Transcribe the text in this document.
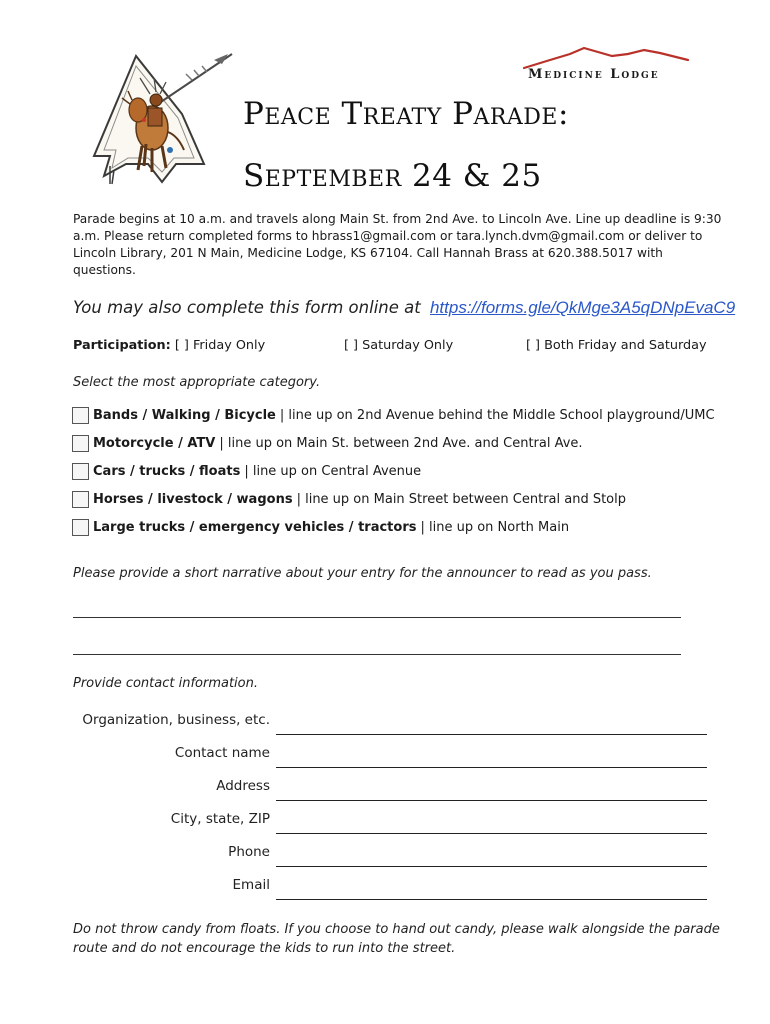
Medicine Lodge
Peace Treaty Parade:
September 24 & 25
Parade begins at 10 a.m. and travels along Main St. from 2nd Ave. to Lincoln Ave. Line up deadline is 9:30 a.m. Please return completed forms to hbrass1@gmail.com or tara.lynch.dvm@gmail.com or deliver to Lincoln Library, 201 N Main, Medicine Lodge, KS 67104. Call Hannah Brass at 620.388.5017 with questions.
You may also complete this form online at https://forms.gle/QkMge3A5qDNpEvaC9
Participation: [ ] Friday Only	[ ] Saturday Only	[ ] Both Friday and Saturday
Select the most appropriate category.
Bands / Walking / Bicycle | line up on 2nd Avenue behind the Middle School playground/UMC
Motorcycle / ATV | line up on Main St. between 2nd Ave. and Central Ave.
Cars / trucks / floats | line up on Central Avenue
Horses / livestock / wagons | line up on Main Street between Central and Stolp
Large trucks / emergency vehicles / tractors | line up on North Main
Please provide a short narrative about your entry for the announcer to read as you pass.
Provide contact information.
Organization, business, etc.
Contact name
Address
City, state, ZIP
Phone
Email
Do not throw candy from floats. If you choose to hand out candy, please walk alongside the parade route and do not encourage the kids to run into the street.
